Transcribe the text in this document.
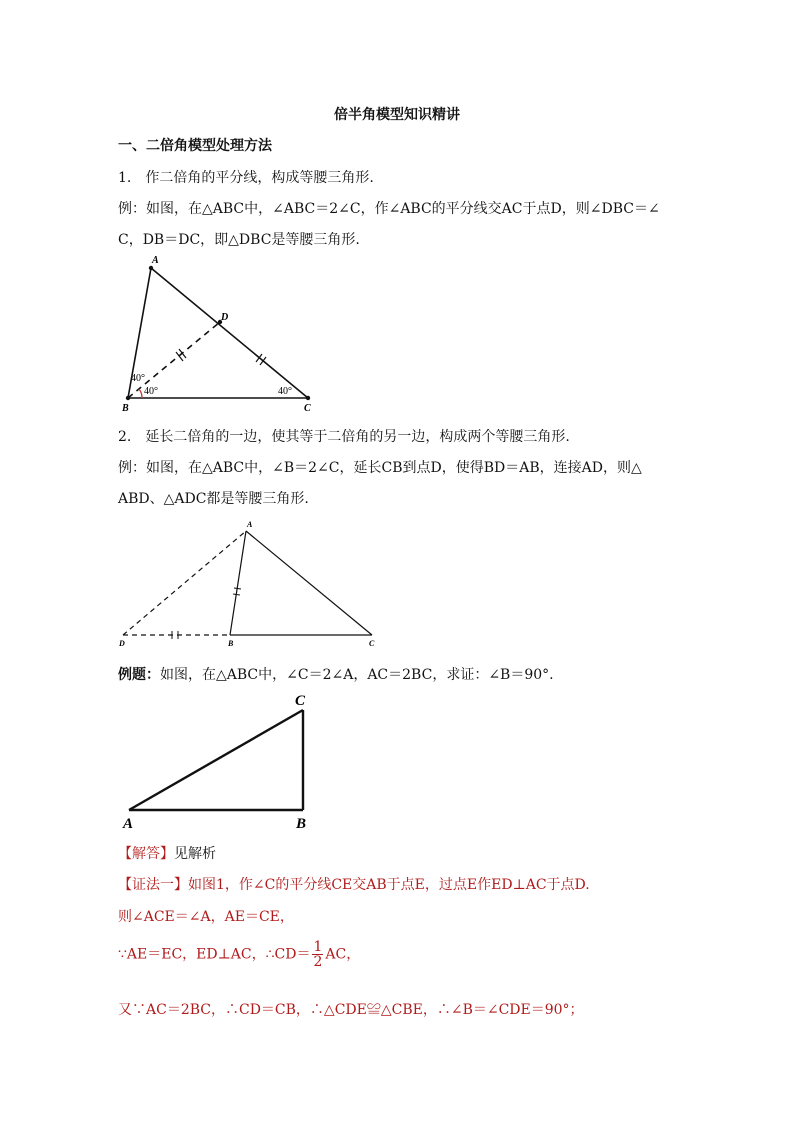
倍半角模型知识精讲
一、二倍角模型处理方法
1.　作二倍角的平分线，构成等腰三角形.
例：如图，在△ABC中，∠ABC＝2∠C，作∠ABC的平分线交AC于点D，则∠DBC＝∠
C，DB＝DC，即△DBC是等腰三角形.
A
D
B	C
40°
40°	40°
2.　延长二倍角的一边，使其等于二倍角的另一边，构成两个等腰三角形.
例：如图，在△ABC中，∠B＝2∠C，延长CB到点D，使得BD＝AB，连接AD，则△
ABD、△ADC都是等腰三角形.
A
D	B	C
例题：如图，在△ABC中，∠C＝2∠A，AC＝2BC，求证：∠B＝90°.
C
A	B
【解答】见解析
【证法一】如图1，作∠C的平分线CE交AB于点E，过点E作ED⊥AC于点D.
则∠ACE＝∠A，AE＝CE，
∵AE＝EC，ED⊥AC，∴CD＝ $\frac{1}{2}$ AC，
又∵AC＝2BC，∴CD＝CB，∴△CDE≌△CBE，∴∠B＝∠CDE＝90°；
